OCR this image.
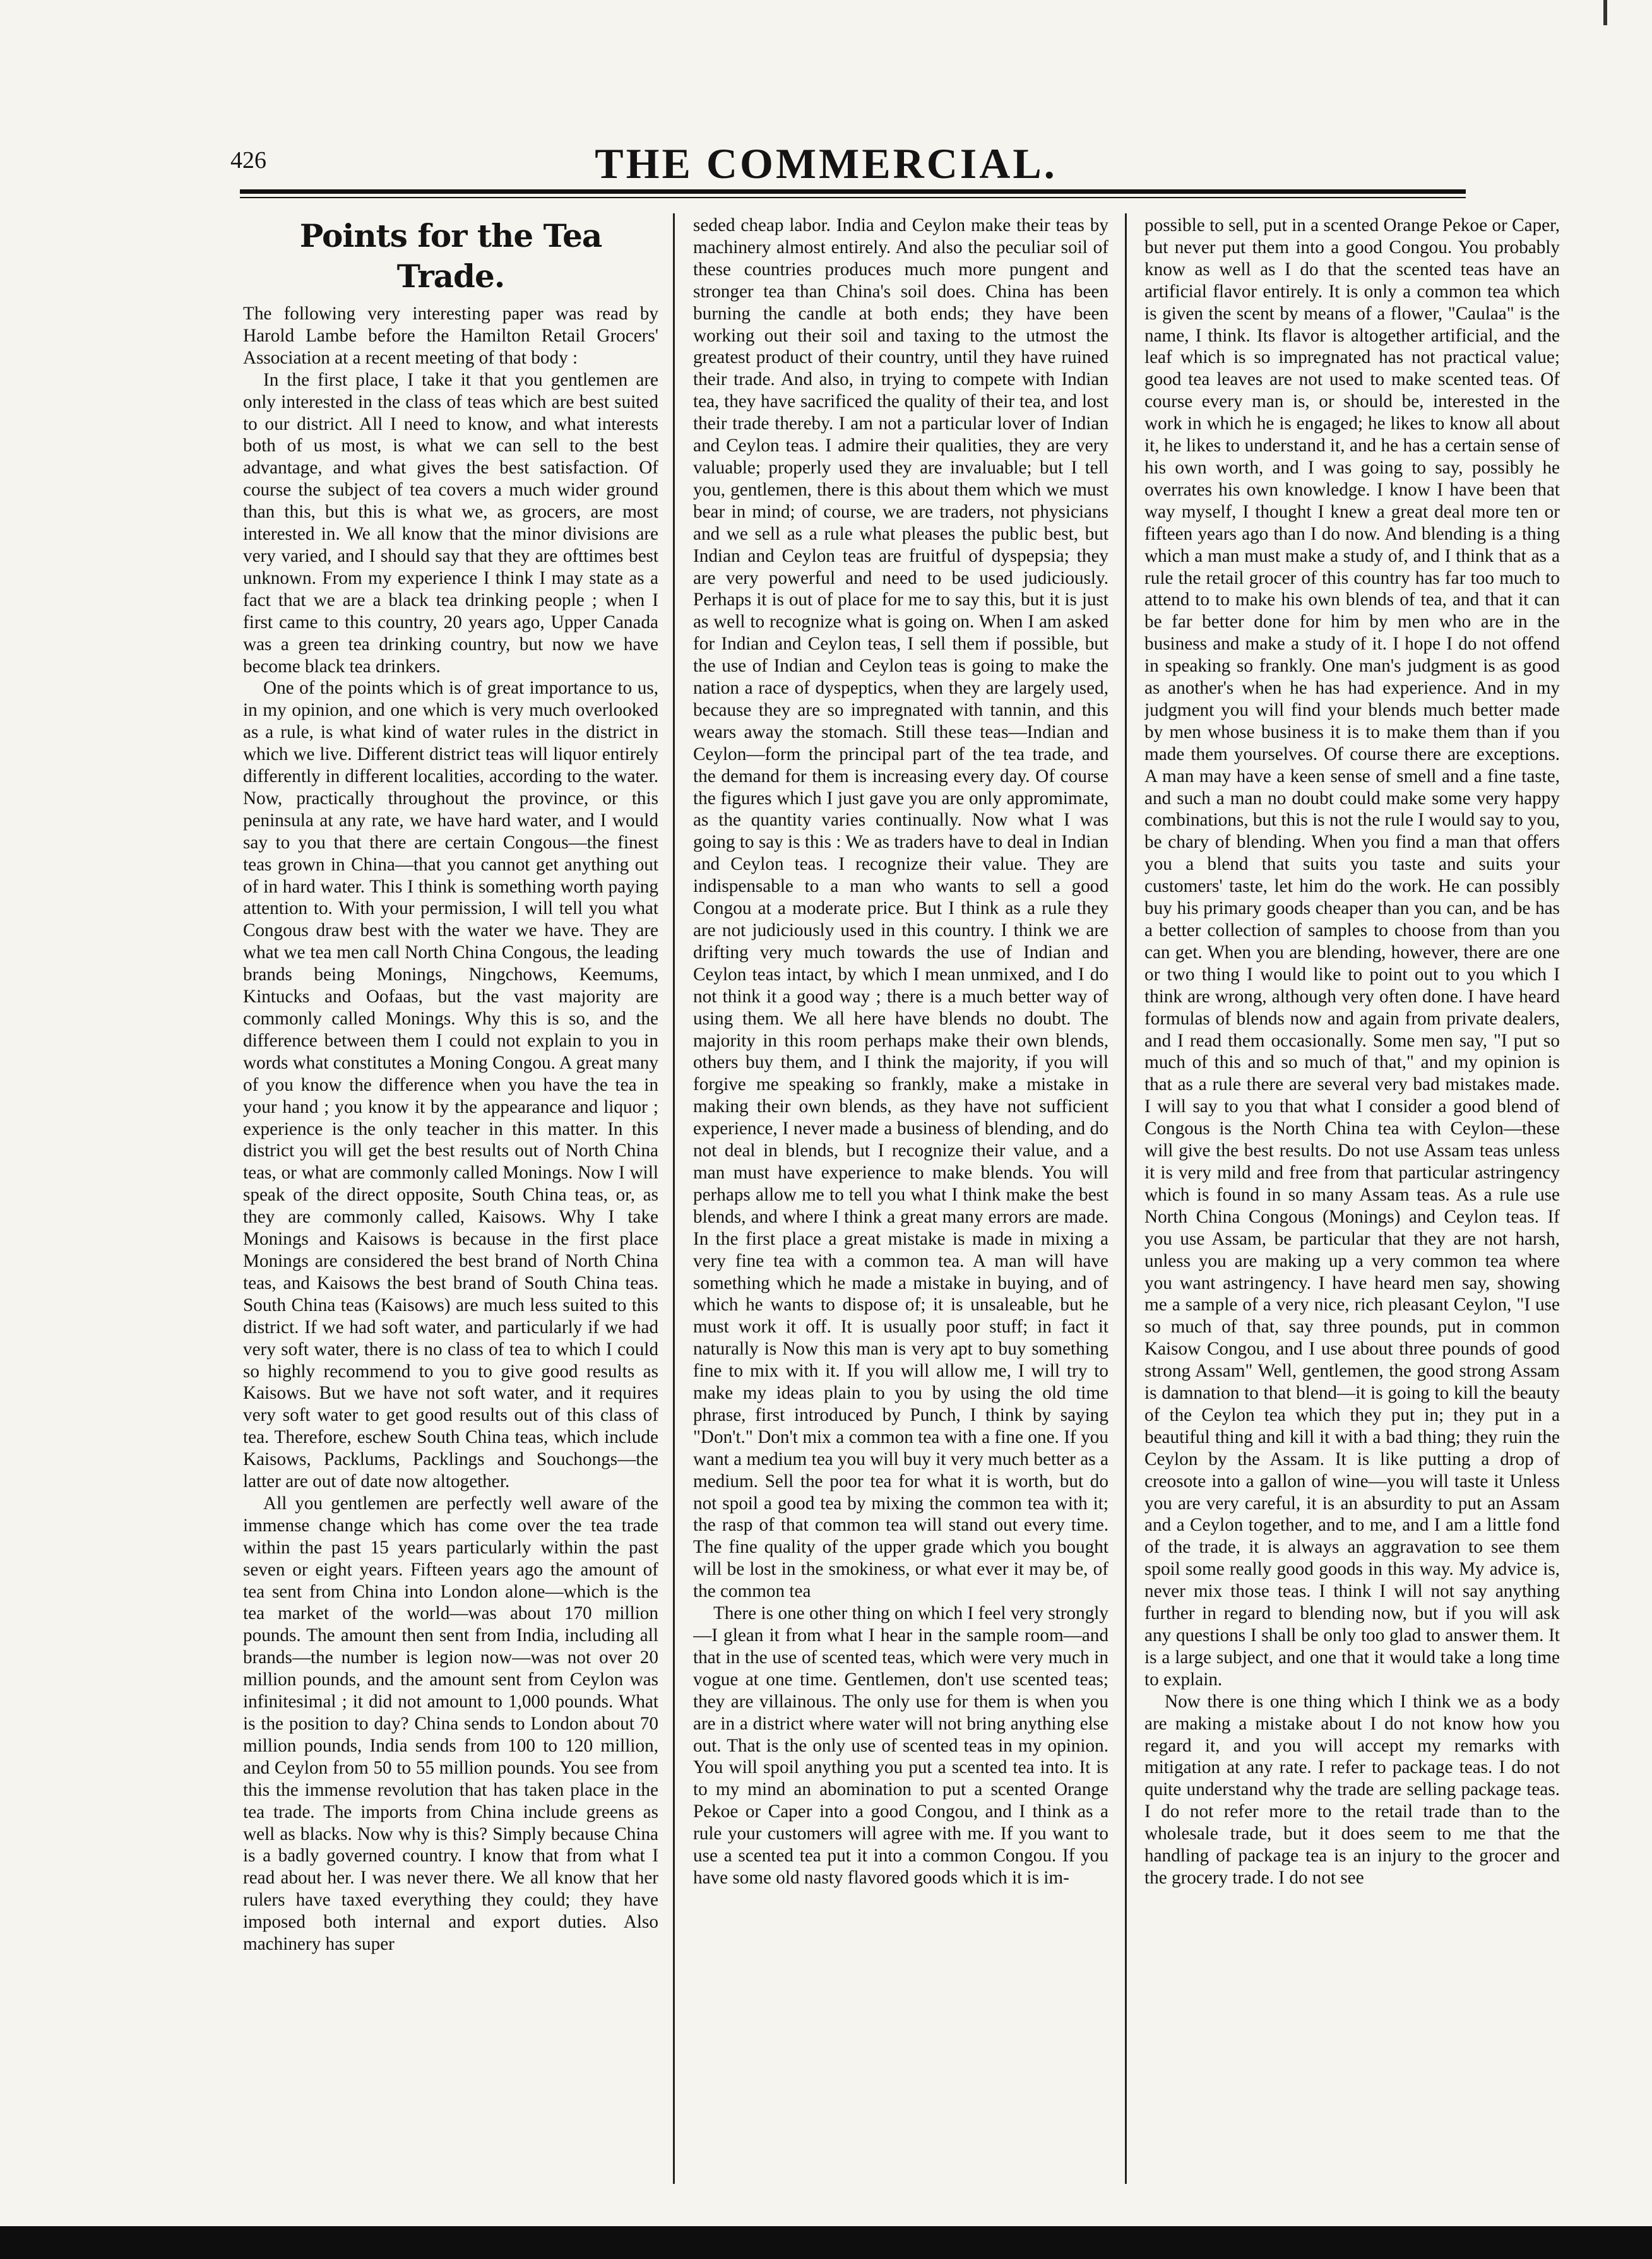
426	THE COMMERCIAL.
Points for the Tea Trade.

The following very interesting paper was read by Harold Lambe before the Hamilton Retail Grocers' Association at a recent meeting of that body :

In the first place, I take it that you gentlemen are only interested in the class of teas which are best suited to our district. All I need to know, and what interests both of us most, is what we can sell to the best advantage, and what gives the best satisfaction. Of course the subject of tea covers a much wider ground than this, but this is what we, as grocers, are most interested in. We all know that the minor divisions are very varied, and I should say that they are ofttimes best unknown. From my experience I think I may state as a fact that we are a black tea drinking people ; when I first came to this country, 20 years ago, Upper Canada was a green tea drinking country, but now we have become black tea drinkers.

One of the points which is of great importance to us, in my opinion, and one which is very much overlooked as a rule, is what kind of water rules in the district in which we live. Different district teas will liquor entirely differently in different localities, according to the water. Now, practically throughout the province, or this peninsula at any rate, we have hard water, and I would say to you that there are certain Congous—the finest teas grown in China—that you cannot get anything out of in hard water. This I think is something worth paying attention to. With your permission, I will tell you what Congous draw best with the water we have. They are what we tea men call North China Congous, the leading brands being Monings, Ningchows, Keemums, Kintucks and Oofaas, but the vast majority are commonly called Monings. Why this is so, and the difference between them I could not explain to you in words what constitutes a Moning Congou. A great many of you know the difference when you have the tea in your hand ; you know it by the appearance and liquor ; experience is the only teacher in this matter. In this district you will get the best results out of North China teas, or what are commonly called Monings. Now I will speak of the direct opposite, South China teas, or, as they are commonly called, Kaisows. Why I take Monings and Kaisows is because in the first place Monings are considered the best brand of North China teas, and Kaisows the best brand of South China teas. South China teas (Kaisows) are much less suited to this district. If we had soft water, and particularly if we had very soft water, there is no class of tea to which I could so highly recommend to you to give good results as Kaisows. But we have not soft water, and it requires very soft water to get good results out of this class of tea. Therefore, eschew South China teas, which include Kaisows, Packlums, Packlings and Souchongs—the latter are out of date now altogether.

All you gentlemen are perfectly well aware of the immense change which has come over the tea trade within the past 15 years particularly within the past seven or eight years. Fifteen years ago the amount of tea sent from China into London alone—which is the tea market of the world—was about 170 million pounds. The amount then sent from India, including all brands—the number is legion now—was not over 20 million pounds, and the amount sent from Ceylon was infinitesimal ; it did not amount to 1,000 pounds. What is the position to day? China sends to London about 70 million pounds, India sends from 100 to 120 million, and Ceylon from 50 to 55 million pounds. You see from this the immense revolution that has taken place in the tea trade. The imports from China include greens as well as blacks. Now why is this? Simply because China is a badly governed country. I know that from what I read about her. I was never there. We all know that her rulers have taxed everything they could; they have imposed both internal and export duties. Also machinery has super

seded cheap labor. India and Ceylon make their teas by machinery almost entirely. And also the peculiar soil of these countries produces much more pungent and stronger tea than China's soil does. China has been burning the candle at both ends; they have been working out their soil and taxing to the utmost the greatest product of their country, until they have ruined their trade. And also, in trying to compete with Indian tea, they have sacrificed the quality of their tea, and lost their trade thereby. I am not a particular lover of Indian and Ceylon teas. I admire their qualities, they are very valuable; properly used they are invaluable; but I tell you, gentlemen, there is this about them which we must bear in mind; of course, we are traders, not physicians and we sell as a rule what pleases the public best, but Indian and Ceylon teas are fruitful of dyspepsia; they are very powerful and need to be used judiciously. Perhaps it is out of place for me to say this, but it is just as well to recognize what is going on. When I am asked for Indian and Ceylon teas, I sell them if possible, but the use of Indian and Ceylon teas is going to make the nation a race of dyspeptics, when they are largely used, because they are so impregnated with tannin, and this wears away the stomach. Still these teas—Indian and Ceylon—form the principal part of the tea trade, and the demand for them is increasing every day. Of course the figures which I just gave you are only appromimate, as the quantity varies continually. Now what I was going to say is this : We as traders have to deal in Indian and Ceylon teas. I recognize their value. They are indispensable to a man who wants to sell a good Congou at a moderate price. But I think as a rule they are not judiciously used in this country. I think we are drifting very much towards the use of Indian and Ceylon teas intact, by which I mean unmixed, and I do not think it a good way ; there is a much better way of using them. We all here have blends no doubt. The majority in this room perhaps make their own blends, others buy them, and I think the majority, if you will forgive me speaking so frankly, make a mistake in making their own blends, as they have not sufficient experience, I never made a business of blending, and do not deal in blends, but I recognize their value, and a man must have experience to make blends. You will perhaps allow me to tell you what I think make the best blends, and where I think a great many errors are made. In the first place a great mistake is made in mixing a very fine tea with a common tea. A man will have something which he made a mistake in buying, and of which he wants to dispose of; it is unsaleable, but he must work it off. It is usually poor stuff; in fact it naturally is Now this man is very apt to buy something fine to mix with it. If you will allow me, I will try to make my ideas plain to you by using the old time phrase, first introduced by Punch, I think by saying "Don't." Don't mix a common tea with a fine one. If you want a medium tea you will buy it very much better as a medium. Sell the poor tea for what it is worth, but do not spoil a good tea by mixing the common tea with it; the rasp of that common tea will stand out every time. The fine quality of the upper grade which you bought will be lost in the smokiness, or what ever it may be, of the common tea

There is one other thing on which I feel very strongly—I glean it from what I hear in the sample room—and that in the use of scented teas, which were very much in vogue at one time. Gentlemen, don't use scented teas; they are villainous. The only use for them is when you are in a district where water will not bring anything else out. That is the only use of scented teas in my opinion. You will spoil anything you put a scented tea into. It is to my mind an abomination to put a scented Orange Pekoe or Caper into a good Congou, and I think as a rule your customers will agree with me. If you want to use a scented tea put it into a common Congou. If you have some old nasty flavored goods which it is im-

possible to sell, put in a scented Orange Pekoe or Caper, but never put them into a good Congou. You probably know as well as I do that the scented teas have an artificial flavor entirely. It is only a common tea which is given the scent by means of a flower, "Caulaa" is the name, I think. Its flavor is altogether artificial, and the leaf which is so impregnated has not practical value; good tea leaves are not used to make scented teas. Of course every man is, or should be, interested in the work in which he is engaged; he likes to know all about it, he likes to understand it, and he has a certain sense of his own worth, and I was going to say, possibly he overrates his own knowledge. I know I have been that way myself, I thought I knew a great deal more ten or fifteen years ago than I do now. And blending is a thing which a man must make a study of, and I think that as a rule the retail grocer of this country has far too much to attend to to make his own blends of tea, and that it can be far better done for him by men who are in the business and make a study of it. I hope I do not offend in speaking so frankly. One man's judgment is as good as another's when he has had experience. And in my judgment you will find your blends much better made by men whose business it is to make them than if you made them yourselves. Of course there are exceptions. A man may have a keen sense of smell and a fine taste, and such a man no doubt could make some very happy combinations, but this is not the rule I would say to you, be chary of blending. When you find a man that offers you a blend that suits you taste and suits your customers' taste, let him do the work. He can possibly buy his primary goods cheaper than you can, and be has a better collection of samples to choose from than you can get. When you are blending, however, there are one or two thing I would like to point out to you which I think are wrong, although very often done. I have heard formulas of blends now and again from private dealers, and I read them occasionally. Some men say, "I put so much of this and so much of that," and my opinion is that as a rule there are several very bad mistakes made. I will say to you that what I consider a good blend of Congous is the North China tea with Ceylon—these will give the best results. Do not use Assam teas unless it is very mild and free from that particular astringency which is found in so many Assam teas. As a rule use North China Congous (Monings) and Ceylon teas. If you use Assam, be particular that they are not harsh, unless you are making up a very common tea where you want astringency. I have heard men say, showing me a sample of a very nice, rich pleasant Ceylon, "I use so much of that, say three pounds, put in common Kaisow Congou, and I use about three pounds of good strong Assam" Well, gentlemen, the good strong Assam is damnation to that blend—it is going to kill the beauty of the Ceylon tea which they put in; they put in a beautiful thing and kill it with a bad thing; they ruin the Ceylon by the Assam. It is like putting a drop of creosote into a gallon of wine—you will taste it Unless you are very careful, it is an absurdity to put an Assam and a Ceylon together, and to me, and I am a little fond of the trade, it is always an aggravation to see them spoil some really good goods in this way. My advice is, never mix those teas. I think I will not say anything further in regard to blending now, but if you will ask any questions I shall be only too glad to answer them. It is a large subject, and one that it would take a long time to explain.

Now there is one thing which I think we as a body are making a mistake about I do not know how you regard it, and you will accept my remarks with mitigation at any rate. I refer to package teas. I do not quite understand why the trade are selling package teas. I do not refer more to the retail trade than to the wholesale trade, but it does seem to me that the handling of package tea is an injury to the grocer and the grocery trade. I do not see
